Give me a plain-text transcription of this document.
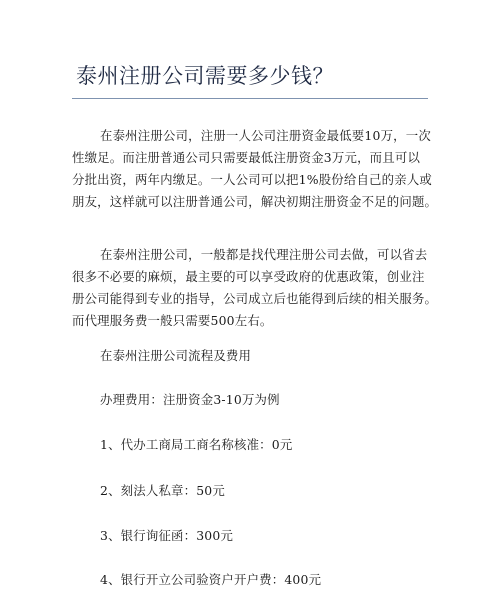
泰州注册公司需要多少钱？
在泰州注册公司，注册一人公司注册资金最低要10万，一次
性缴足。而注册普通公司只需要最低注册资金3万元，而且可以
分批出资，两年内缴足。一人公司可以把1%股份给自己的亲人或
朋友，这样就可以注册普通公司，解决初期注册资金不足的问题。
在泰州注册公司，一般都是找代理注册公司去做，可以省去
很多不必要的麻烦，最主要的可以享受政府的优惠政策，创业注
册公司能得到专业的指导，公司成立后也能得到后续的相关服务。
而代理服务费一般只需要500左右。

在泰州注册公司流程及费用

办理费用：注册资金3-10万为例

1、代办工商局工商名称核准：0元

2、刻法人私章：50元

3、银行询征函：300元

4、银行开立公司验资户开户费：400元
